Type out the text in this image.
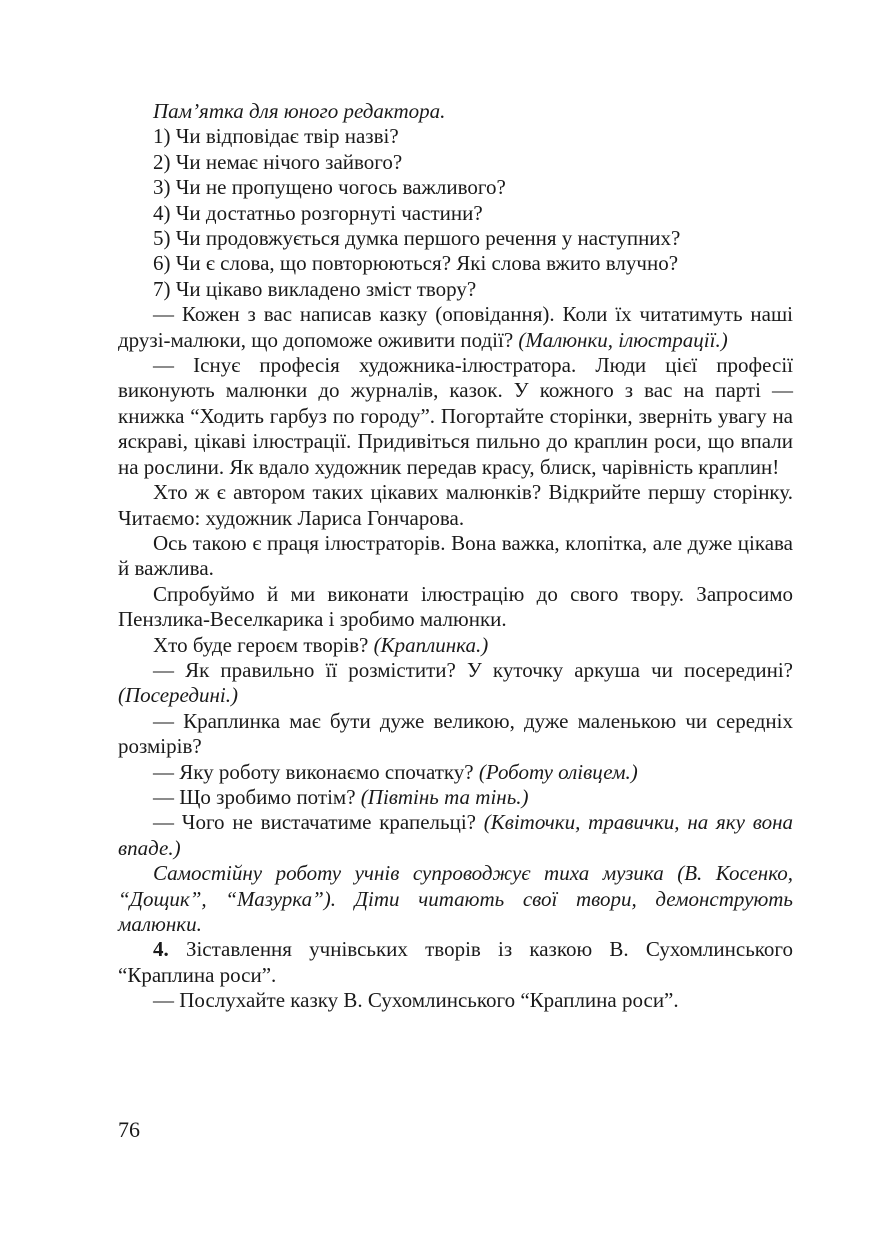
Пам’ятка для юного редактора.

1) Чи відповідає твір назві?

2) Чи немає нічого зайвого?

3) Чи не пропущено чогось важливого?

4) Чи достатньо розгорнуті частини?

5) Чи продовжується думка першого речення у наступних?

6) Чи є слова, що повторюються? Які слова вжито влучно?

7) Чи цікаво викладено зміст твору?

— Кожен з вас написав казку (оповідання). Коли їх читатимуть наші друзі-малюки, що допоможе оживити події? (Малюнки, ілюстрації.)

— Існує професія художника-ілюстратора. Люди цієї професії виконують малюнки до журналів, казок. У кожного з вас на парті — книжка “Ходить гарбуз по городу”. Погортайте сторінки, зверніть увагу на яскраві, цікаві ілюстрації. Придивіться пильно до краплин роси, що впали на рослини. Як вдало художник передав красу, блиск, чарівність краплин!

Хто ж є автором таких цікавих малюнків? Відкрийте першу сторінку. Читаємо: художник Лариса Гончарова.

Ось такою є праця ілюстраторів. Вона важка, клопітка, але дуже цікава й важлива.

Спробуймо й ми виконати ілюстрацію до свого твору. Запросимо Пензлика-Веселкарика і зробимо малюнки.

Хто буде героєм творів? (Краплинка.)

— Як правильно її розмістити? У куточку аркуша чи посередині? (Посередині.)

— Краплинка має бути дуже великою, дуже маленькою чи середніх розмірів?

— Яку роботу виконаємо спочатку? (Роботу олівцем.)

— Що зробимо потім? (Півтінь та тінь.)

— Чого не вистачатиме крапельці? (Квіточки, травички, на яку вона впаде.)

Самостійну роботу учнів супроводжує тиха музика (В. Косенко, “Дощик”, “Мазурка”). Діти читають свої твори, демонструють малюнки.

4. Зіставлення учнівських творів із казкою В. Сухомлинського “Краплина роси”.

— Послухайте казку В. Сухомлинського “Краплина роси”.

76
